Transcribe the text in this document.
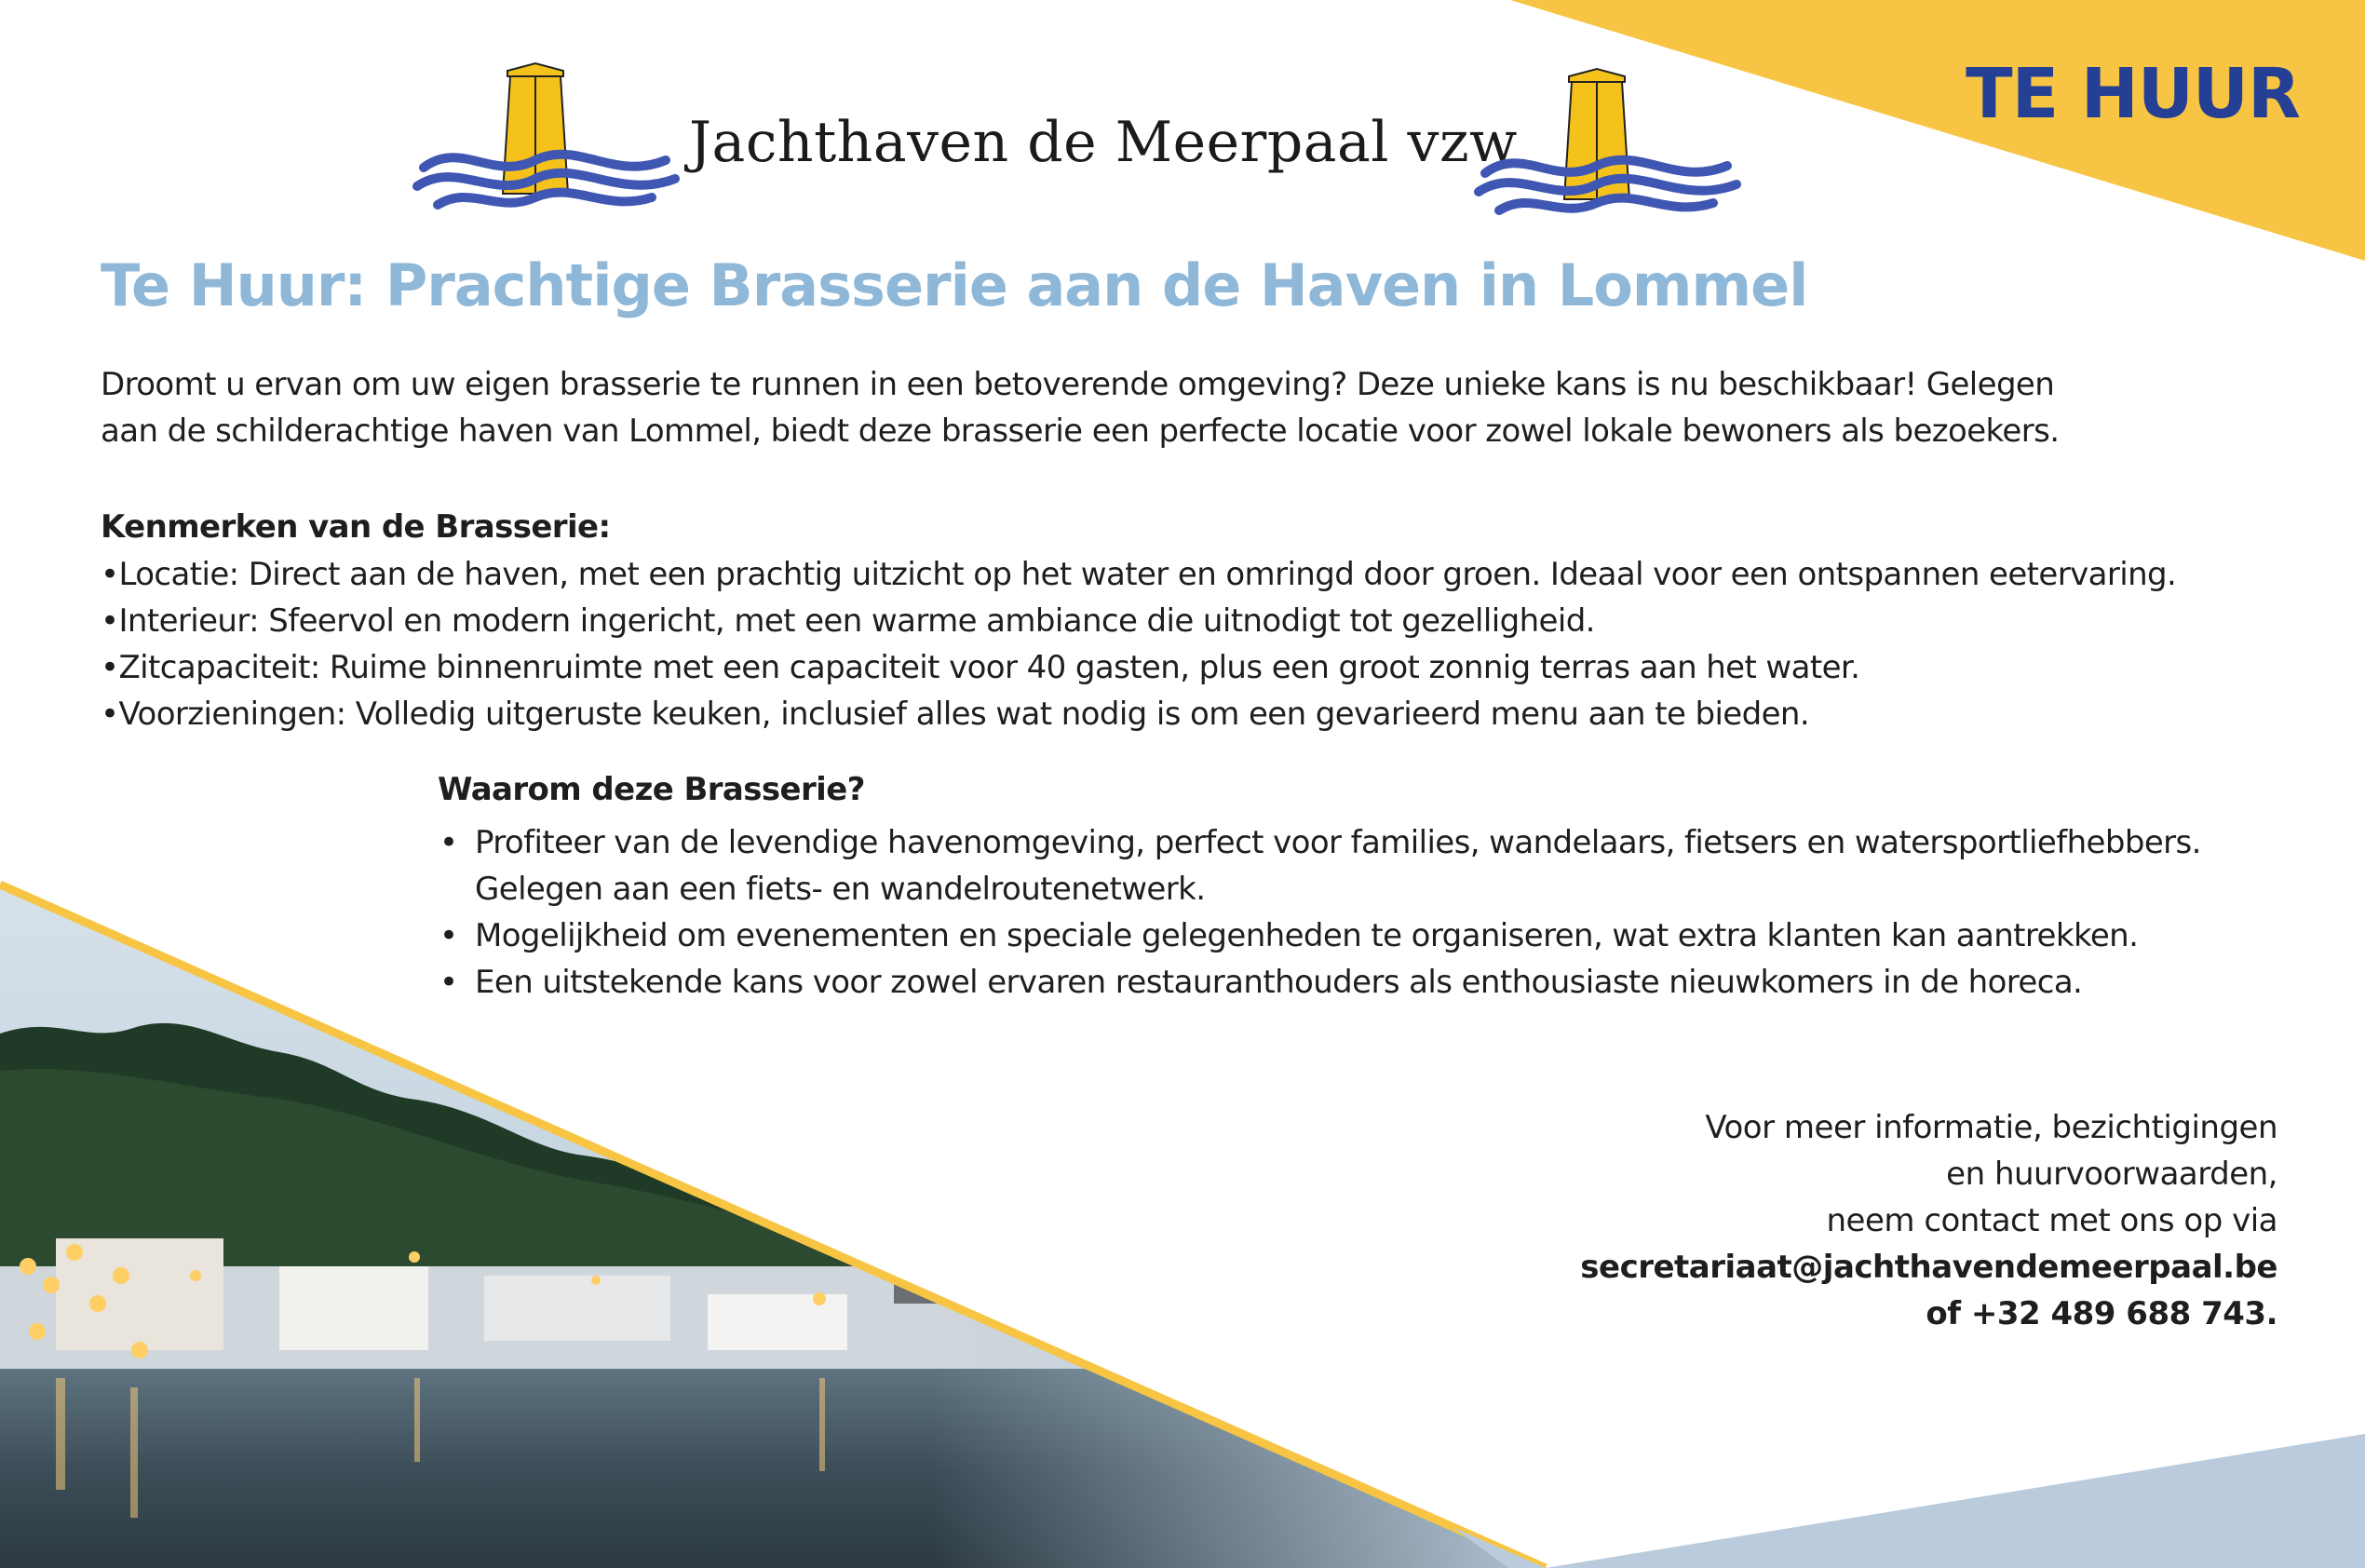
TE HUUR
Jachthaven de Meerpaal vzw
Te Huur: Prachtige Brasserie aan de Haven in Lommel

Droomt u ervan om uw eigen brasserie te runnen in een betoverende omgeving? Deze unieke kans is nu beschikbaar! Gelegen
aan de schilderachtige haven van Lommel, biedt deze brasserie een perfecte locatie voor zowel lokale bewoners als bezoekers.

Kenmerken van de Brasserie:
• Locatie: Direct aan de haven, met een prachtig uitzicht op het water en omringd door groen. Ideaal voor een ontspannen eetervaring.
• Interieur: Sfeervol en modern ingericht, met een warme ambiance die uitnodigt tot gezelligheid.
• Zitcapaciteit: Ruime binnenruimte met een capaciteit voor 40 gasten, plus een groot zonnig terras aan het water.
• Voorzieningen: Volledig uitgeruste keuken, inclusief alles wat nodig is om een gevarieerd menu aan te bieden.
Waarom deze Brasserie?
• Profiteer van de levendige havenomgeving, perfect voor families, wandelaars, fietsers en watersportliefhebbers.
Gelegen aan een fiets- en wandelroutenetwerk.
• Mogelijkheid om evenementen en speciale gelegenheden te organiseren, wat extra klanten kan aantrekken.
• Een uitstekende kans voor zowel ervaren restauranthouders als enthousiaste nieuwkomers in de horeca.
Voor meer informatie, bezichtigingen
en huurvoorwaarden,
neem contact met ons op via
secretariaat@jachthavendemeerpaal.be
of +32 489 688 743.
